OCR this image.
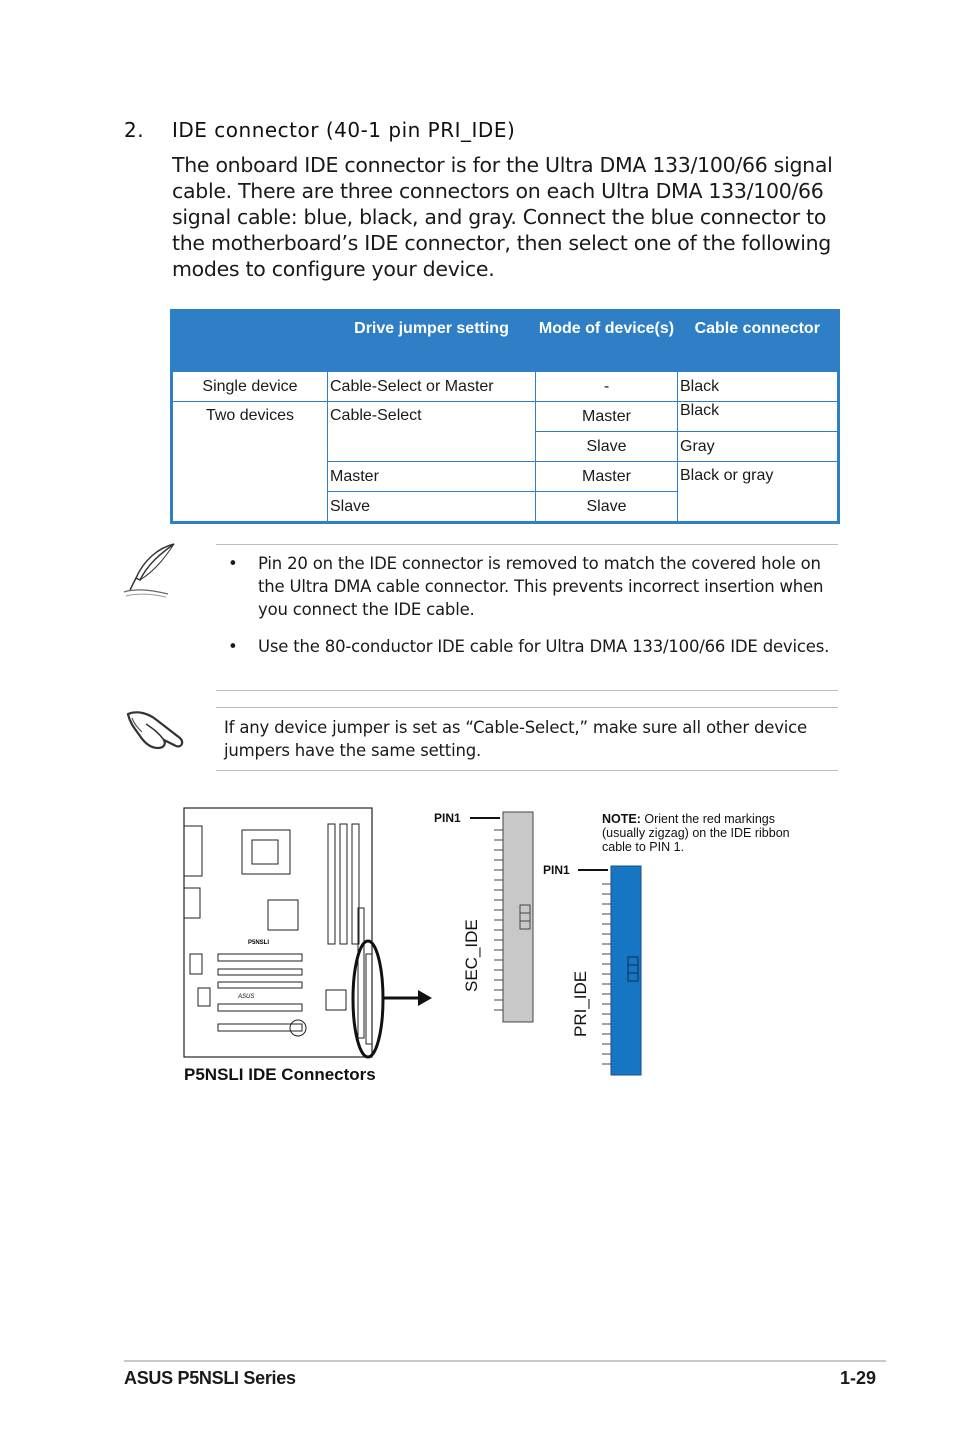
2. IDE connector (40-1 pin PRI_IDE)
The onboard IDE connector is for the Ultra DMA 133/100/66 signal cable. There are three connectors on each Ultra DMA 133/100/66 signal cable: blue, black, and gray. Connect the blue connector to the motherboard’s IDE connector, then select one of the following modes to configure your device.
	Drive jumper setting	Mode of device(s)	Cable connector
Single device	Cable-Select or Master	-	Black
Two devices	Cable-Select	Master	Black
		Slave	Gray
	Master	Master	Black or gray
	Slave	Slave	
• Pin 20 on the IDE connector is removed to match the covered hole on the Ultra DMA cable connector. This prevents incorrect insertion when you connect the IDE cable.
• Use the 80-conductor IDE cable for Ultra DMA 133/100/66 IDE devices.
If any device jumper is set as “Cable-Select,” make sure all other device jumpers have the same setting.
P5NSLI
ASUS
P5NSLI IDE Connectors
PIN1
SEC_IDE
PIN1
PRI_IDE
NOTE: Orient the red markings (usually zigzag) on the IDE ribbon cable to PIN 1.
ASUS P5NSLI Series	1-29
